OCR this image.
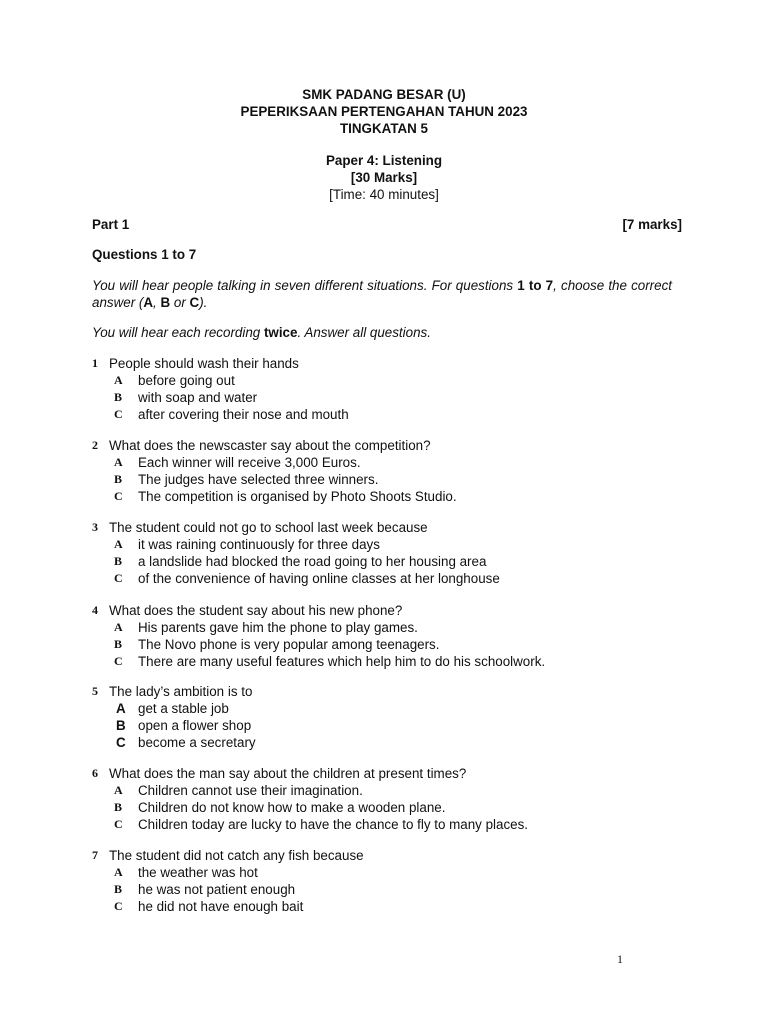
SMK PADANG BESAR (U)
PEPERIKSAAN PERTENGAHAN TAHUN 2023
TINGKATAN 5
Paper 4: Listening
[30 Marks]
[Time: 40 minutes]
Part 1	[7 marks]
Questions 1 to 7
You will hear people talking in seven different situations. For questions 1 to 7, choose the correct answer (A, B or C).
You will hear each recording twice. Answer all questions.
1 People should wash their hands
A	before going out
B	with soap and water
C	after covering their nose and mouth
2 What does the newscaster say about the competition?
A	Each winner will receive 3,000 Euros.
B	The judges have selected three winners.
C	The competition is organised by Photo Shoots Studio.
3 The student could not go to school last week because
A	it was raining continuously for three days
B	a landslide had blocked the road going to her housing area
C	of the convenience of having online classes at her longhouse
4 What does the student say about his new phone?
A	His parents gave him the phone to play games.
B	The Novo phone is very popular among teenagers.
C	There are many useful features which help him to do his schoolwork.
5 The lady’s ambition is to
A get a stable job
B open a flower shop
C become a secretary
6 What does the man say about the children at present times?
A	Children cannot use their imagination.
B	Children do not know how to make a wooden plane.
C	Children today are lucky to have the chance to fly to many places.
7 The student did not catch any fish because
A	the weather was hot
B	he was not patient enough
C	he did not have enough bait
1
